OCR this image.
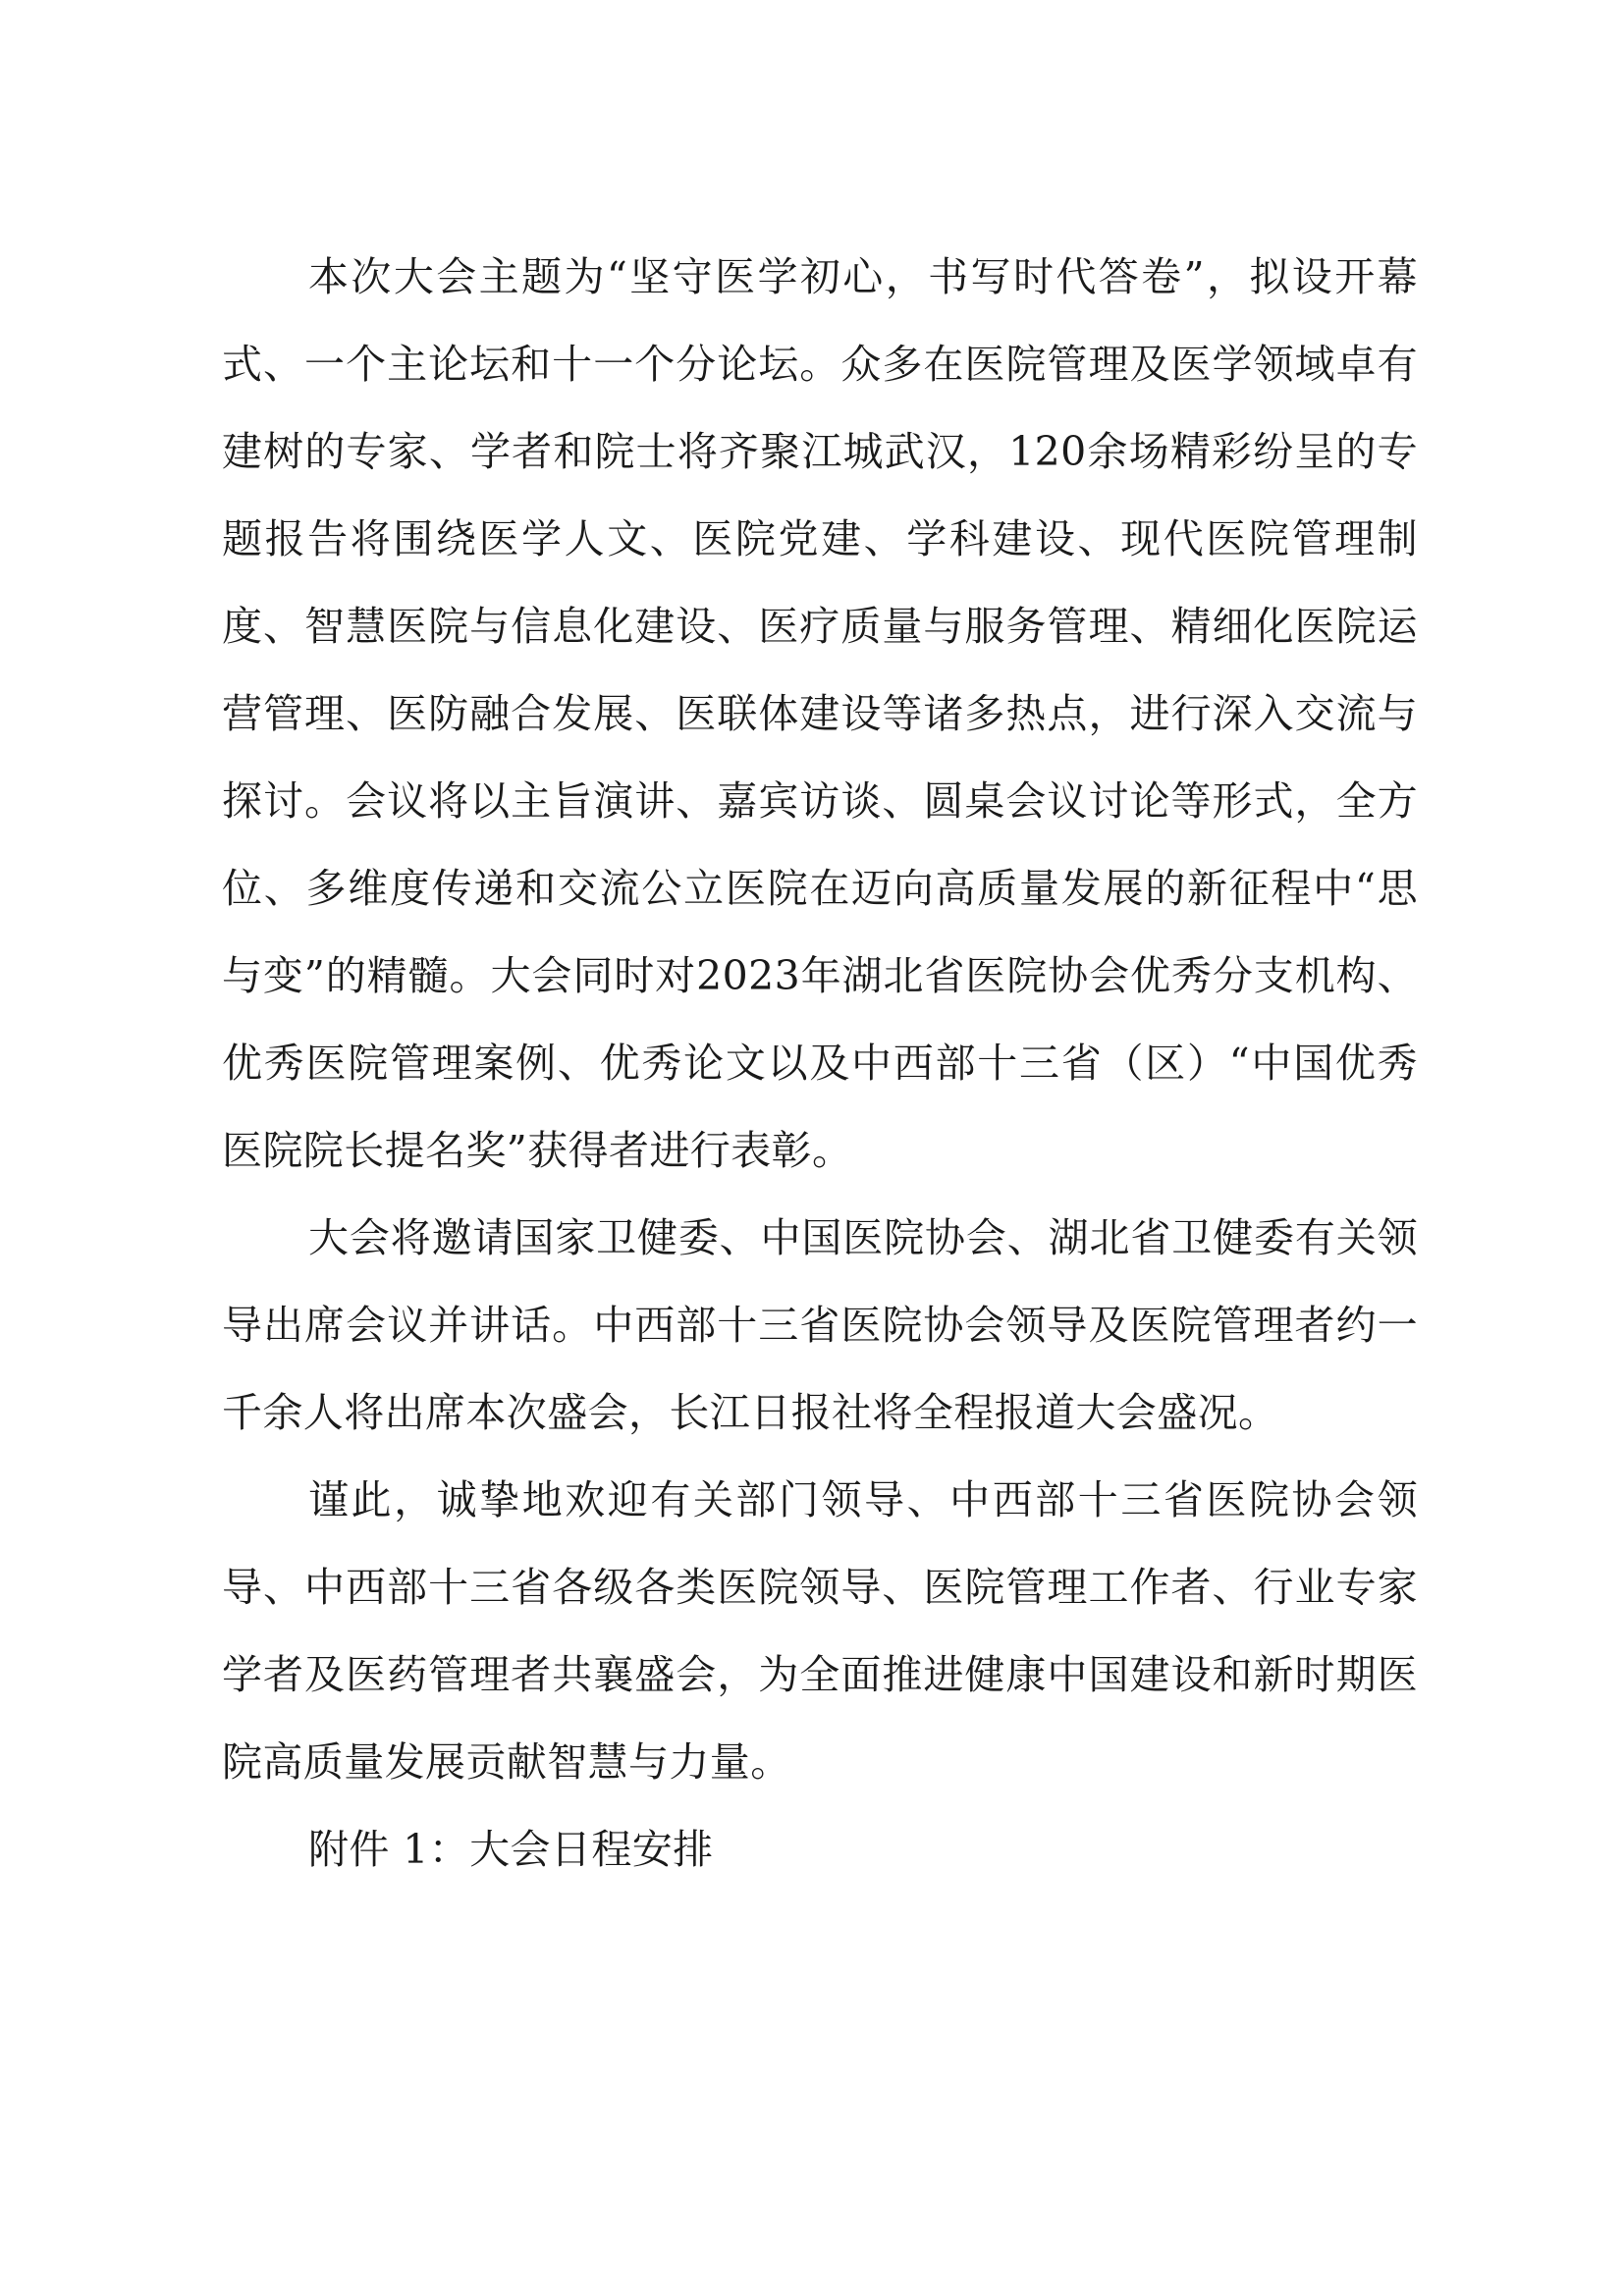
本次大会主题为“坚守医学初心，书写时代答卷”，拟设开幕式、一个主论坛和十一个分论坛。众多在医院管理及医学领域卓有建树的专家、学者和院士将齐聚江城武汉，120余场精彩纷呈的专题报告将围绕医学人文、医院党建、学科建设、现代医院管理制度、智慧医院与信息化建设、医疗质量与服务管理、精细化医院运营管理、医防融合发展、医联体建设等诸多热点，进行深入交流与探讨。会议将以主旨演讲、嘉宾访谈、圆桌会议讨论等形式，全方位、多维度传递和交流公立医院在迈向高质量发展的新征程中“思与变”的精髓。大会同时对2023年湖北省医院协会优秀分支机构、优秀医院管理案例、优秀论文以及中西部十三省（区）“中国优秀医院院长提名奖”获得者进行表彰。

大会将邀请国家卫健委、中国医院协会、湖北省卫健委有关领导出席会议并讲话。中西部十三省医院协会领导及医院管理者约一千余人将出席本次盛会，长江日报社将全程报道大会盛况。

谨此，诚挚地欢迎有关部门领导、中西部十三省医院协会领导、中西部十三省各级各类医院领导、医院管理工作者、行业专家学者及医药管理者共襄盛会，为全面推进健康中国建设和新时期医院高质量发展贡献智慧与力量。

附件 1：大会日程安排
